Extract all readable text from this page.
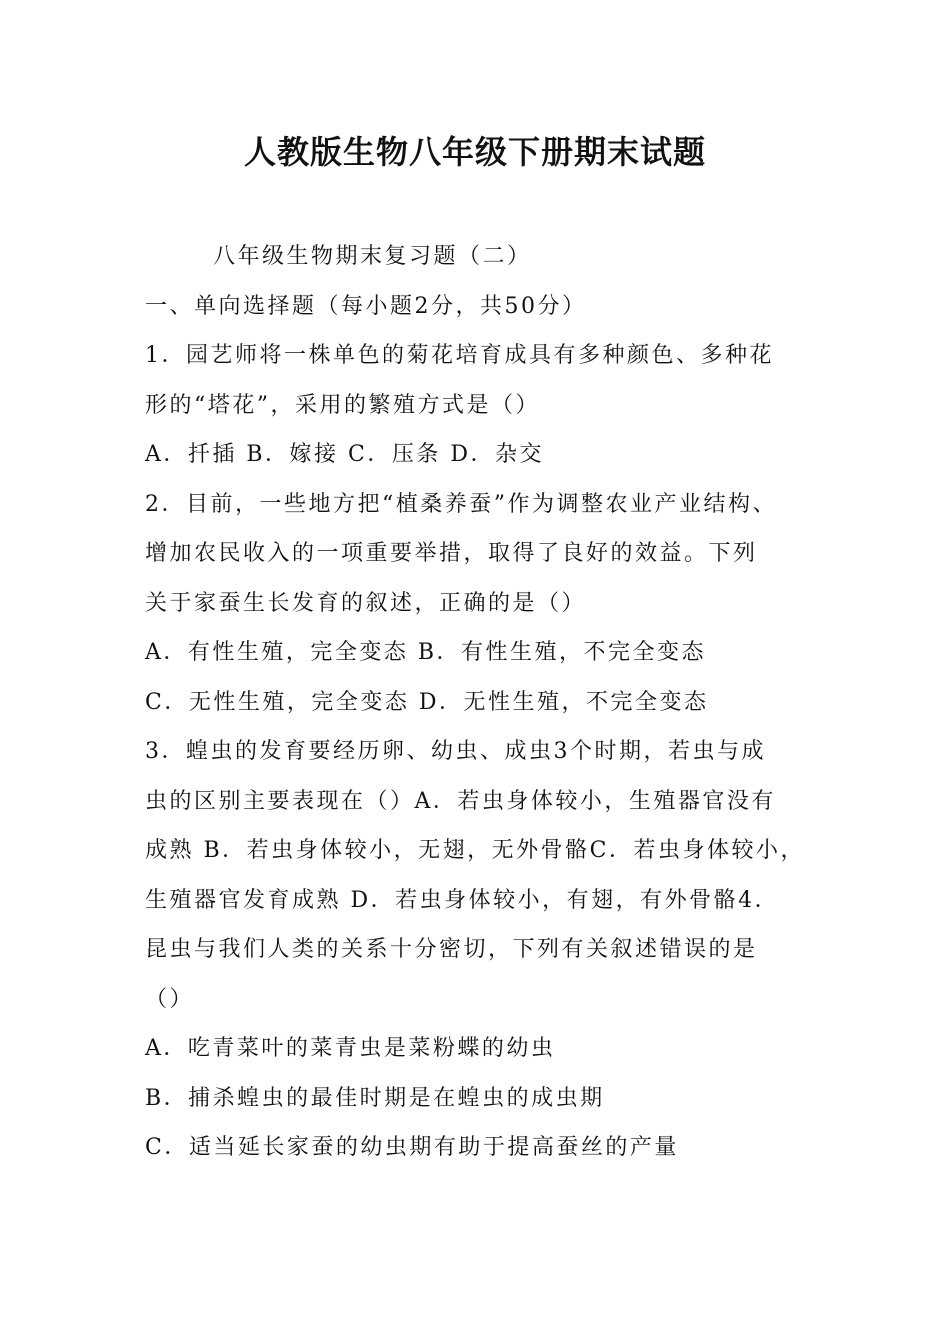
人教版生物八年级下册期末试题
八年级生物期末复习题（二）
一、单向选择题（每小题2分，共50分）
1．园艺师将一株单色的菊花培育成具有多种颜色、多种花
形的“塔花”，采用的繁殖方式是（）
A．扦插 B．嫁接 C．压条 D．杂交
2．目前，一些地方把“植桑养蚕”作为调整农业产业结构、
增加农民收入的一项重要举措，取得了良好的效益。下列
关于家蚕生长发育的叙述，正确的是（）
A．有性生殖，完全变态 B．有性生殖，不完全变态
C．无性生殖，完全变态 D．无性生殖，不完全变态
3．蝗虫的发育要经历卵、幼虫、成虫3个时期，若虫与成
虫的区别主要表现在（）A．若虫身体较小，生殖器官没有
成熟 B．若虫身体较小，无翅，无外骨骼C．若虫身体较小，
生殖器官发育成熟 D．若虫身体较小，有翅，有外骨骼4．
昆虫与我们人类的关系十分密切，下列有关叙述错误的是
（）
A．吃青菜叶的菜青虫是菜粉蝶的幼虫
B．捕杀蝗虫的最佳时期是在蝗虫的成虫期
C．适当延长家蚕的幼虫期有助于提高蚕丝的产量
